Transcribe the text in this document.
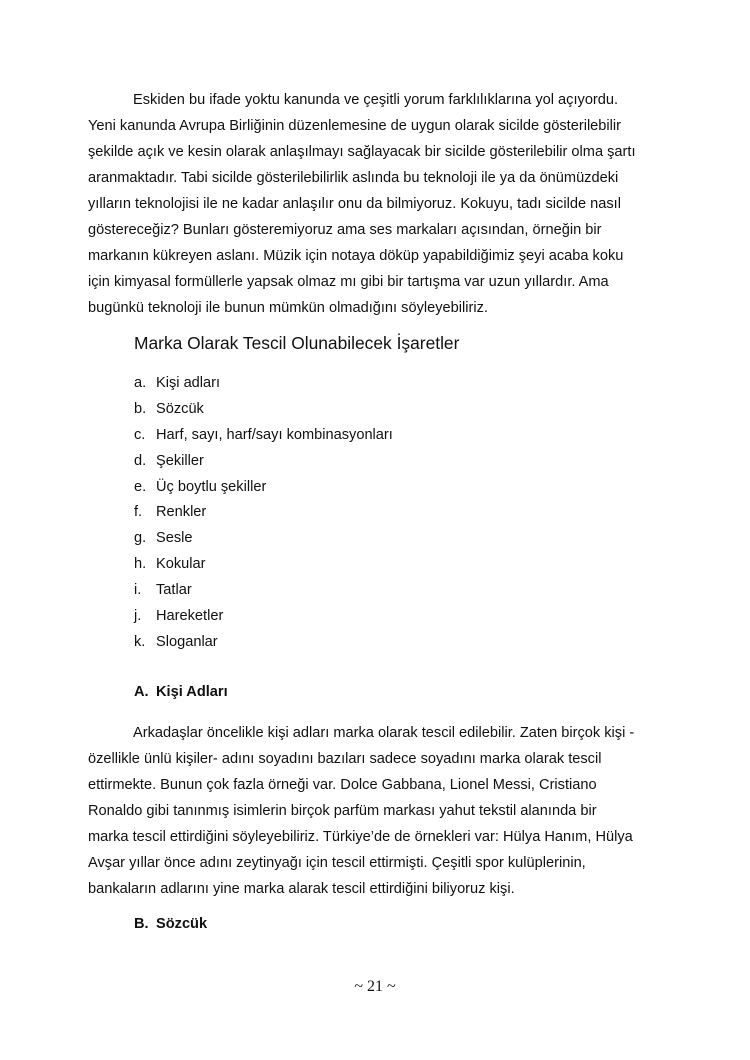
Eskiden bu ifade yoktu kanunda ve çeşitli yorum farklılıklarına yol açıyordu.
Yeni kanunda Avrupa Birliğinin düzenlemesine de uygun olarak sicilde gösterilebilir
şekilde açık ve kesin olarak anlaşılmayı sağlayacak bir sicilde gösterilebilir olma şartı
aranmaktadır. Tabi sicilde gösterilebilirlik aslında bu teknoloji ile ya da önümüzdeki
yılların teknolojisi ile ne kadar anlaşılır onu da bilmiyoruz. Kokuyu, tadı sicilde nasıl
göstereceğiz? Bunları gösteremiyoruz ama ses markaları açısından, örneğin bir
markanın kükreyen aslanı. Müzik için notaya döküp yapabildiğimiz şeyi acaba koku
için kimyasal formüllerle yapsak olmaz mı gibi bir tartışma var uzun yıllardır. Ama
bugünkü teknoloji ile bunun mümkün olmadığını söyleyebiliriz.

Marka Olarak Tescil Olunabilecek İşaretler
a. Kişi adları
b. Sözcük
c. Harf, sayı, harf/sayı kombinasyonları
d. Şekiller
e. Üç boytlu şekiller
f. Renkler
g. Sesle
h. Kokular
i. Tatlar
j. Hareketler
k. Sloganlar
A. Kişi Adları

Arkadaşlar öncelikle kişi adları marka olarak tescil edilebilir. Zaten birçok kişi -
özellikle ünlü kişiler- adını soyadını bazıları sadece soyadını marka olarak tescil
ettirmekte. Bunun çok fazla örneği var. Dolce Gabbana, Lionel Messi, Cristiano
Ronaldo gibi tanınmış isimlerin birçok parfüm markası yahut tekstil alanında bir
marka tescil ettirdiğini söyleyebiliriz. Türkiye’de de örnekleri var: Hülya Hanım, Hülya
Avşar yıllar önce adını zeytinyağı için tescil ettirmişti. Çeşitli spor kulüplerinin,
bankaların adlarını yine marka alarak tescil ettirdiğini biliyoruz kişi.

B. Sözcük

~ 21 ~
